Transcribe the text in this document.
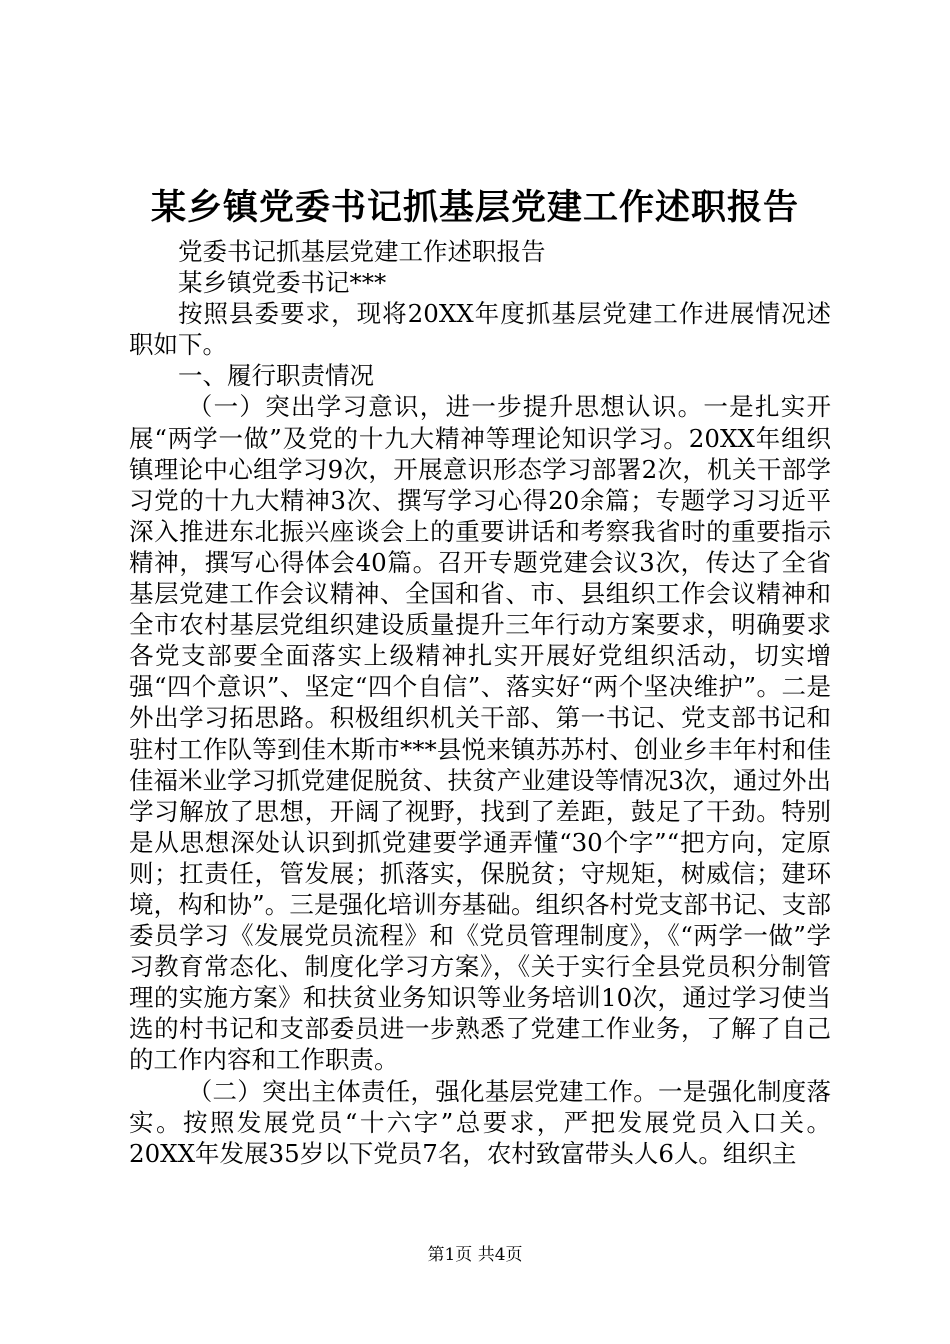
某乡镇党委书记抓基层党建工作述职报告

党委书记抓基层党建工作述职报告

某乡镇党委书记***

按照县委要求，现将20XX年度抓基层党建工作进展情况述职如下。

一、履行职责情况

（一）突出学习意识，进一步提升思想认识。一是扎实开展“两学一做”及党的十九大精神等理论知识学习。20XX年组织镇理论中心组学习9次，开展意识形态学习部署2次，机关干部学习党的十九大精神3次、撰写学习心得20余篇；专题学习习近平深入推进东北振兴座谈会上的重要讲话和考察我省时的重要指示精神，撰写心得体会40篇。召开专题党建会议3次，传达了全省基层党建工作会议精神、全国和省、市、县组织工作会议精神和全市农村基层党组织建设质量提升三年行动方案要求，明确要求各党支部要全面落实上级精神扎实开展好党组织活动，切实增强“四个意识”、坚定“四个自信”、落实好“两个坚决维护”。二是外出学习拓思路。积极组织机关干部、第一书记、党支部书记和驻村工作队等到佳木斯市***县悦来镇苏苏村、创业乡丰年村和佳佳福米业学习抓党建促脱贫、扶贫产业建设等情况3次，通过外出学习解放了思想，开阔了视野，找到了差距，鼓足了干劲。特别是从思想深处认识到抓党建要学通弄懂“30个字”“把方向，定原则；扛责任，管发展；抓落实，保脱贫；守规矩，树威信；建环境，构和协”。三是强化培训夯基础。组织各村党支部书记、支部委员学习《发展党员流程》和《党员管理制度》，《“两学一做”学习教育常态化、制度化学习方案》，《关于实行全县党员积分制管理的实施方案》和扶贫业务知识等业务培训10次，通过学习使当选的村书记和支部委员进一步熟悉了党建工作业务，了解了自己的工作内容和工作职责。

（二）突出主体责任，强化基层党建工作。一是强化制度落实。按照发展党员“十六字”总要求，严把发展党员入口关。20XX年发展35岁以下党员7名，农村致富带头人6人。组织主

第1页 共4页
